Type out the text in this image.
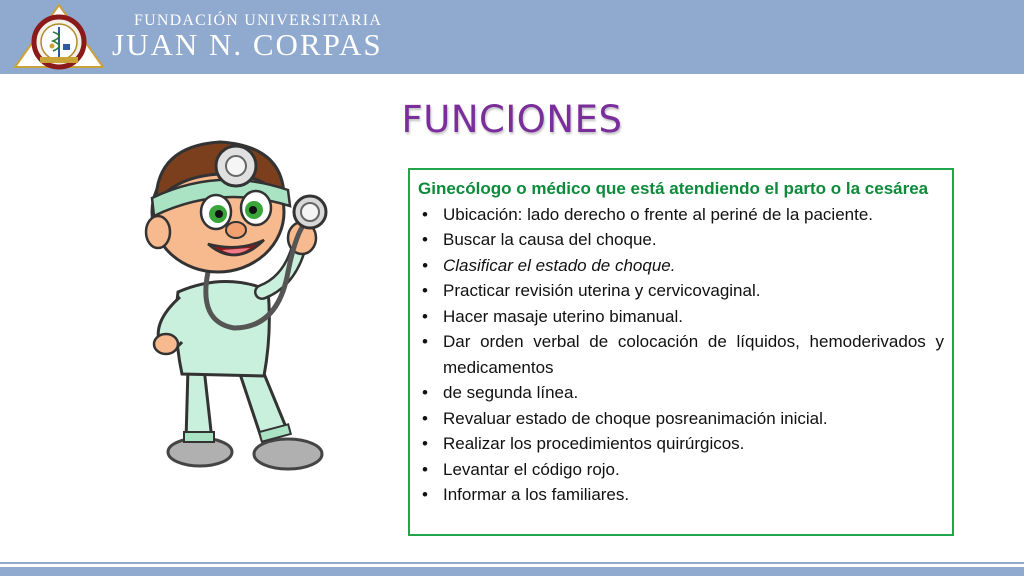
FUNDACIÓN UNIVERSITARIA
JUAN N. CORPAS
FUNCIONES

Ginecólogo o médico que está atendiendo el parto o la cesárea

• Ubicación: lado derecho o frente al periné de la paciente.
• Buscar la causa del choque.
• Clasificar el estado de choque.
• Practicar revisión uterina y cervicovaginal.
• Hacer masaje uterino bimanual.
• Dar orden verbal de colocación de líquidos, hemoderivados y medicamentos
• de segunda línea.
• Revaluar estado de choque posreanimación inicial.
• Realizar los procedimientos quirúrgicos.
• Levantar el código rojo.
• Informar a los familiares.
